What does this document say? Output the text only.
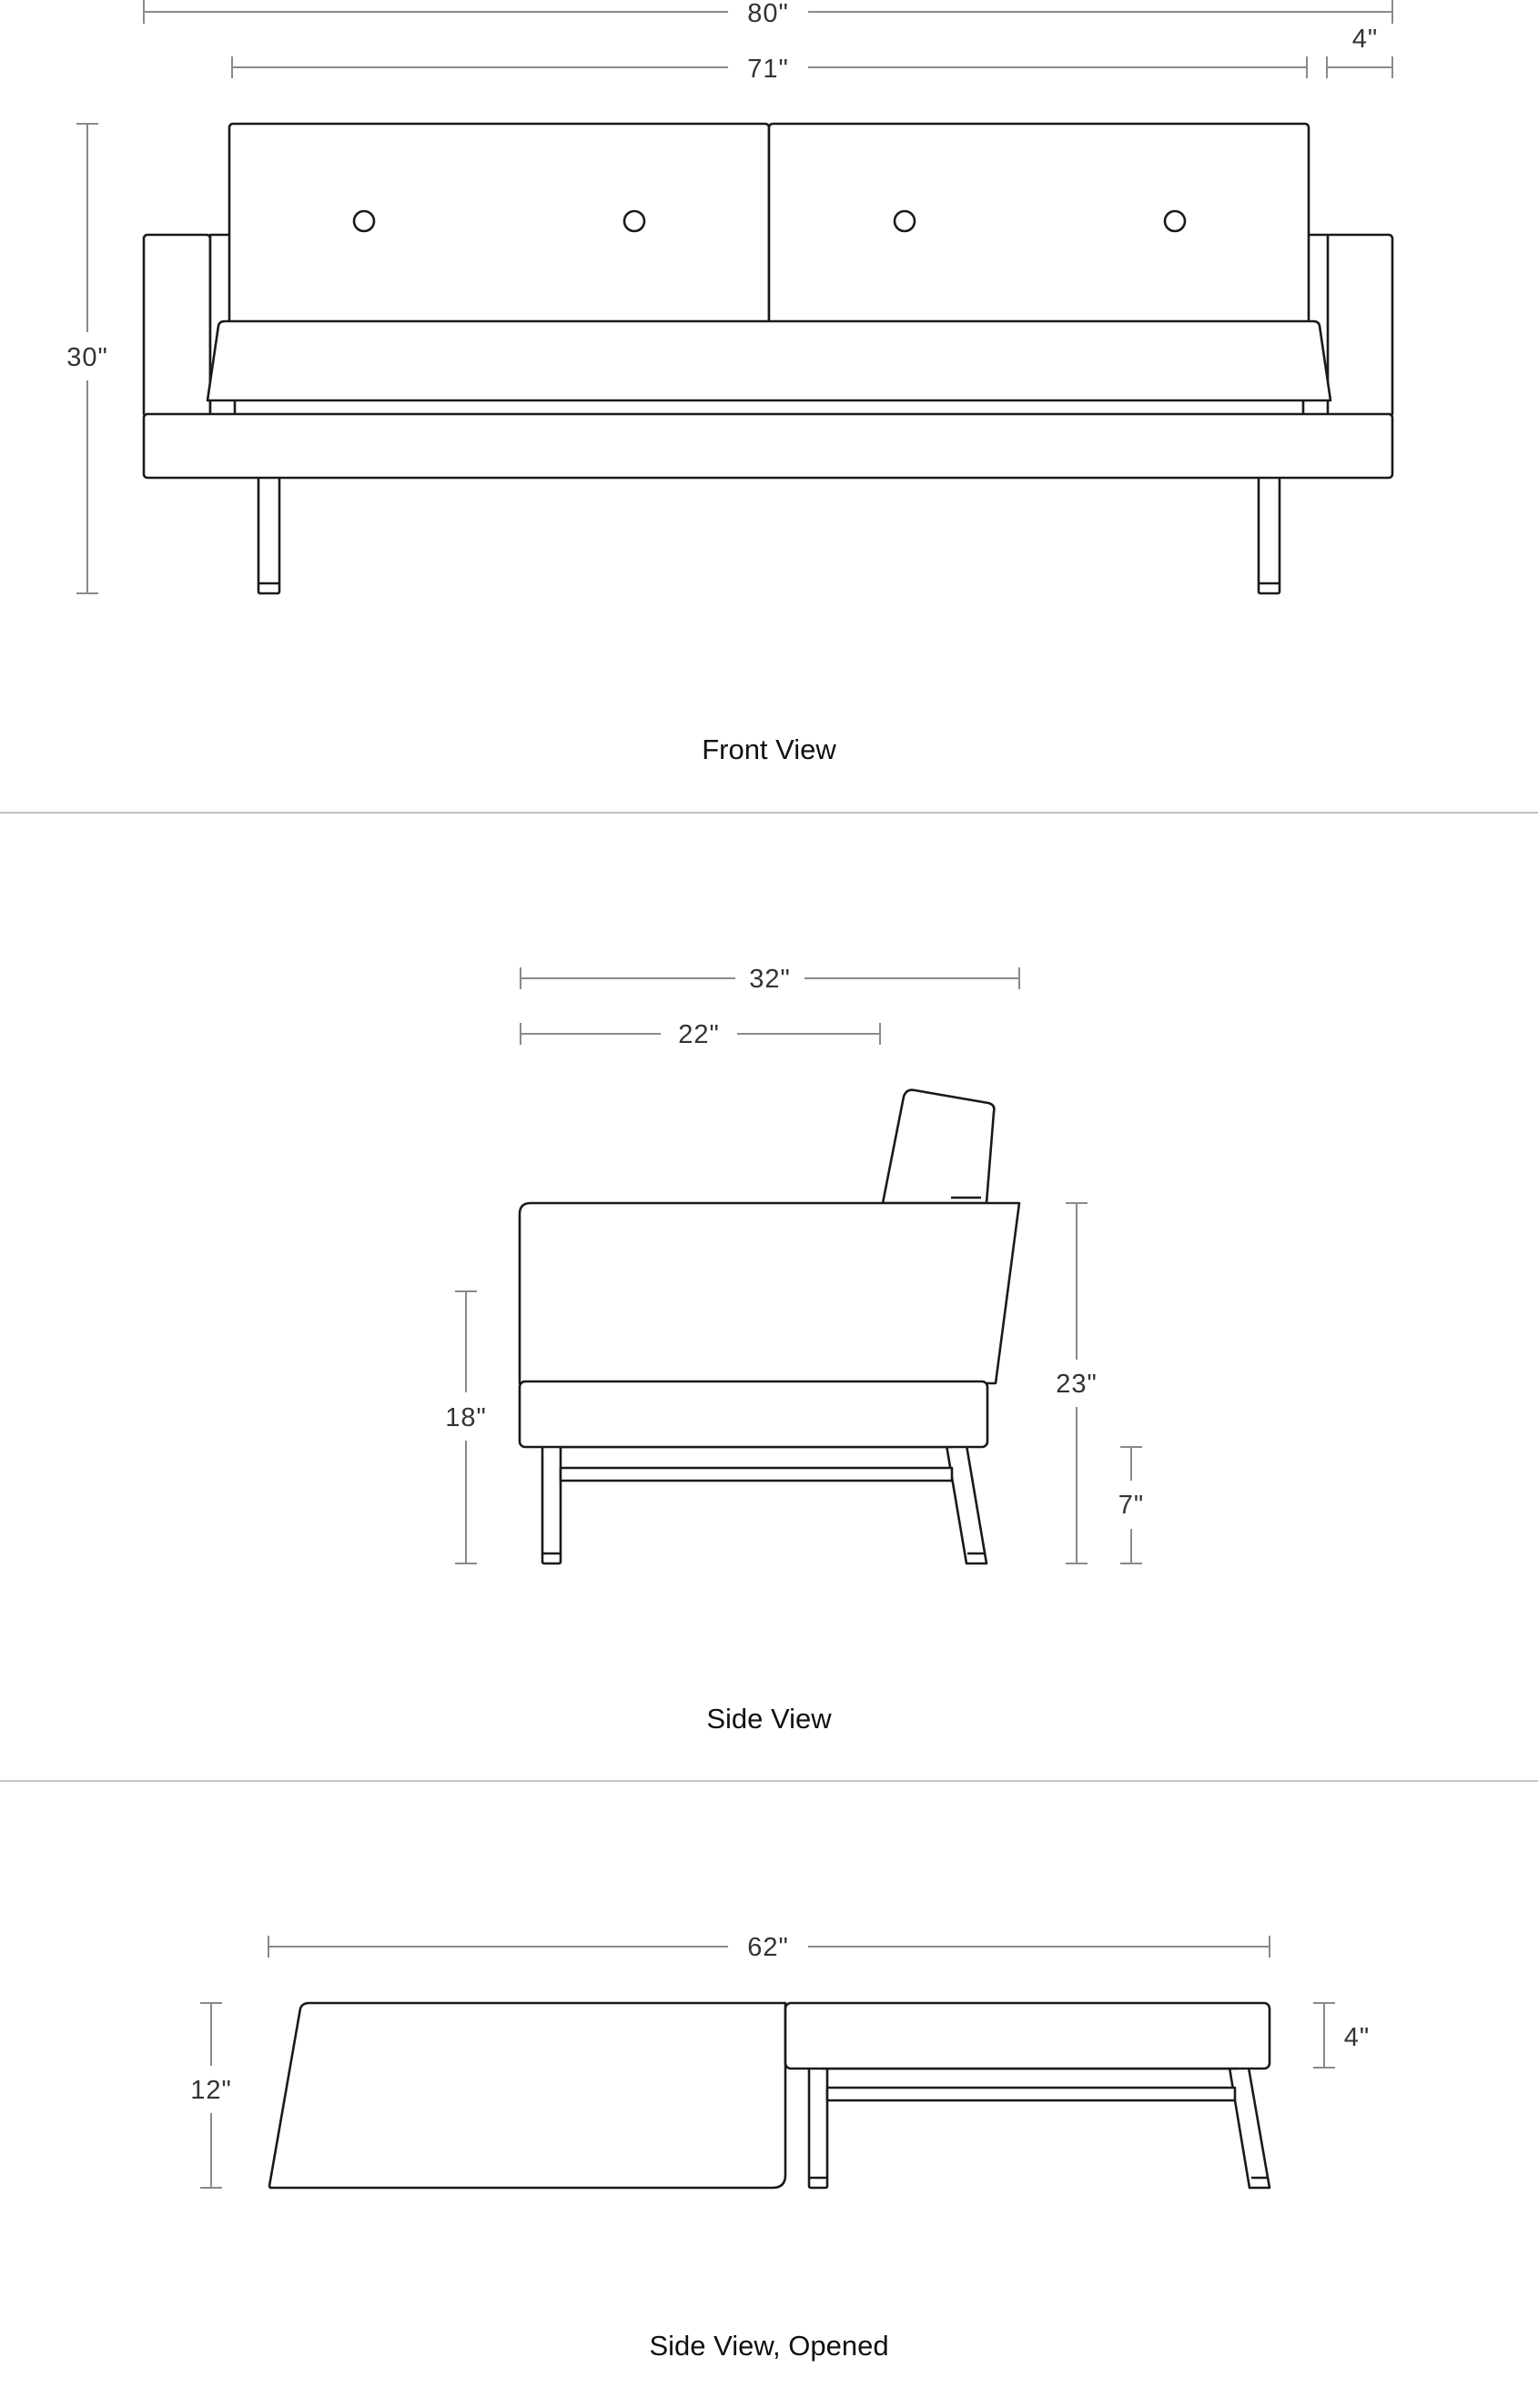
80"
4"
71"
30"
Front View
32"
22"
18"
23"
7"
Side View
62"
12"
4"
Side View, Opened
